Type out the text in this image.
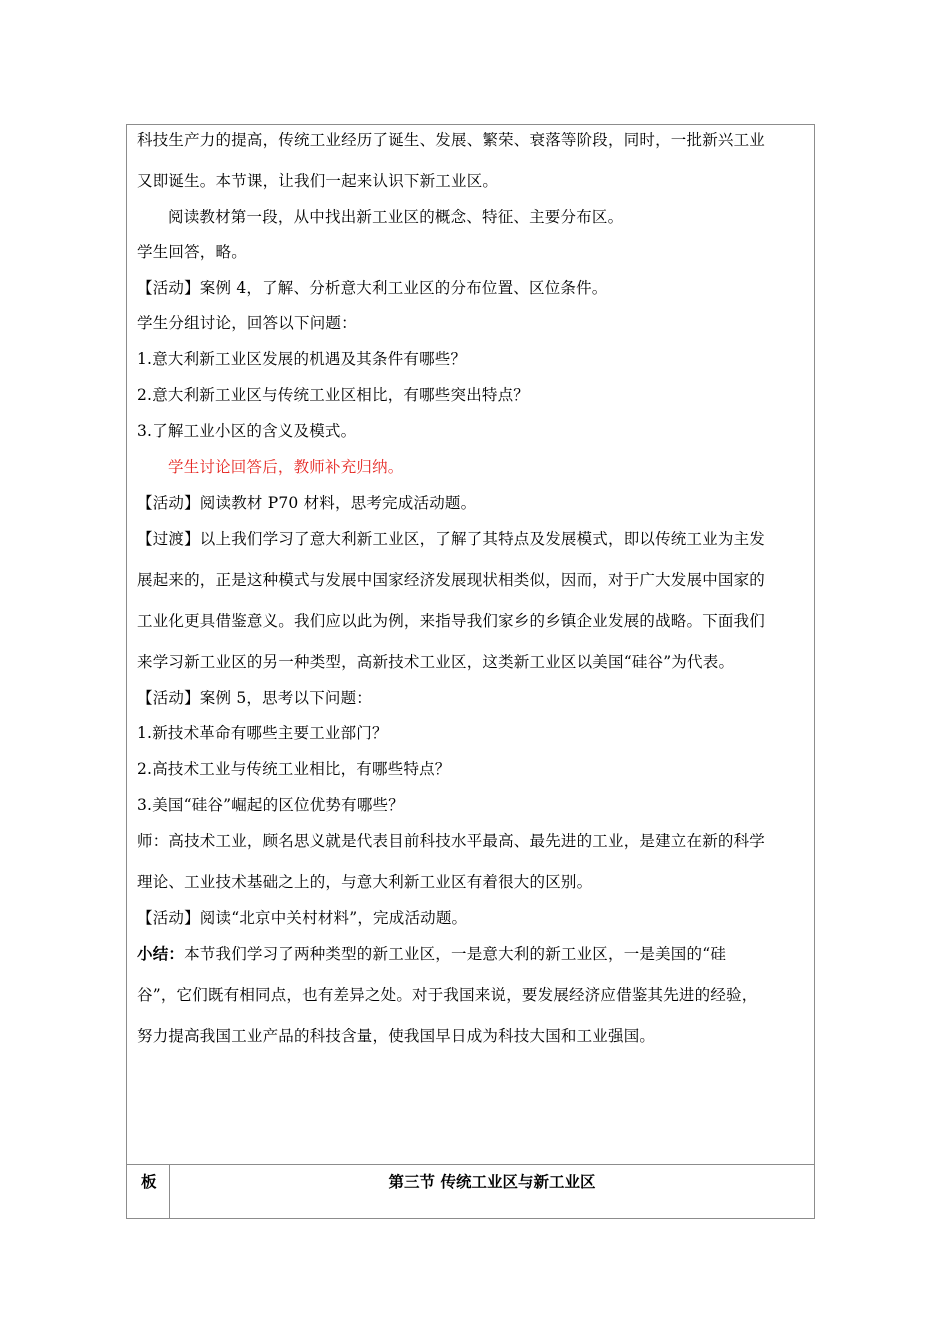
科技生产力的提高，传统工业经历了诞生、发展、繁荣、衰落等阶段，同时，一批新兴工业
又即诞生。本节课，让我们一起来认识下新工业区。
阅读教材第一段，从中找出新工业区的概念、特征、主要分布区。
学生回答，略。
【活动】案例 4，了解、分析意大利工业区的分布位置、区位条件。
学生分组讨论，回答以下问题：
1.意大利新工业区发展的机遇及其条件有哪些？
2.意大利新工业区与传统工业区相比，有哪些突出特点？
3.了解工业小区的含义及模式。
学生讨论回答后，教师补充归纳。
【活动】阅读教材 P70 材料，思考完成活动题。
【过渡】以上我们学习了意大利新工业区，了解了其特点及发展模式，即以传统工业为主发
展起来的，正是这种模式与发展中国家经济发展现状相类似，因而，对于广大发展中国家的
工业化更具借鉴意义。我们应以此为例，来指导我们家乡的乡镇企业发展的战略。下面我们
来学习新工业区的另一种类型，高新技术工业区，这类新工业区以美国“硅谷”为代表。
【活动】案例 5，思考以下问题：
1.新技术革命有哪些主要工业部门？
2.高技术工业与传统工业相比，有哪些特点？
3.美国“硅谷”崛起的区位优势有哪些？
师：高技术工业，顾名思义就是代表目前科技水平最高、最先进的工业，是建立在新的科学
理论、工业技术基础之上的，与意大利新工业区有着很大的区别。
【活动】阅读“北京中关村材料”，完成活动题。
小结：本节我们学习了两种类型的新工业区，一是意大利的新工业区，一是美国的“硅
谷”，它们既有相同点，也有差异之处。对于我国来说，要发展经济应借鉴其先进的经验，
努力提高我国工业产品的科技含量，使我国早日成为科技大国和工业强国。
板	第三节 传统工业区与新工业区
